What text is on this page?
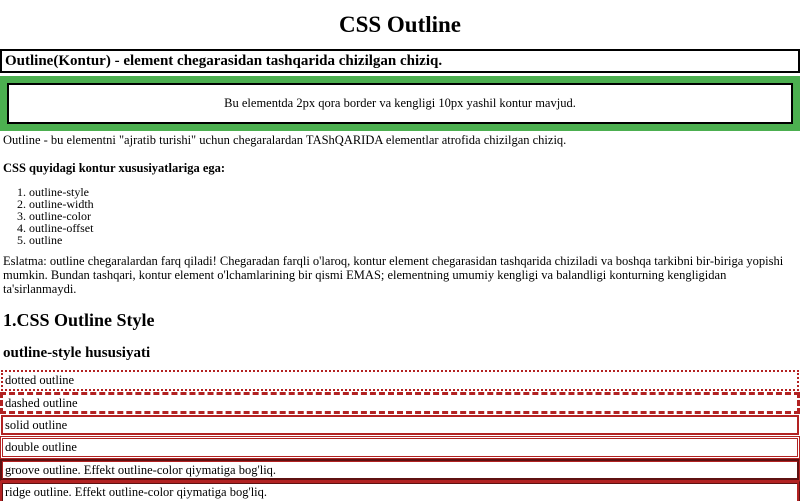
CSS Outline
Outline(Kontur) - element chegarasidan tashqarida chizilgan chiziq.
Bu elementda 2px qora border va kengligi 10px yashil kontur mavjud.

Outline - bu elementni "ajratib turishi" uchun chegaralardan TAShQARIDA elementlar atrofida chizilgan chiziq.

CSS quyidagi kontur xususiyatlariga ega:

1. outline-style
2. outline-width
3. outline-color
4. outline-offset
5. outline

Eslatma: outline chegaralardan farq qiladi! Chegaradan farqli o'laroq, kontur element chegarasidan tashqarida chiziladi va boshqa tarkibni bir-biriga yopishi mumkin. Bundan tashqari, kontur element o'lchamlarining bir qismi EMAS; elementning umumiy kengligi va balandligi konturning kengligidan ta'sirlanmaydi.

1.CSS Outline Style
outline-style hususiyati

dotted outline

dashed outline

solid outline

double outline

groove outline. Effekt outline-color qiymatiga bog'liq.

ridge outline. Effekt outline-color qiymatiga bog'liq.
